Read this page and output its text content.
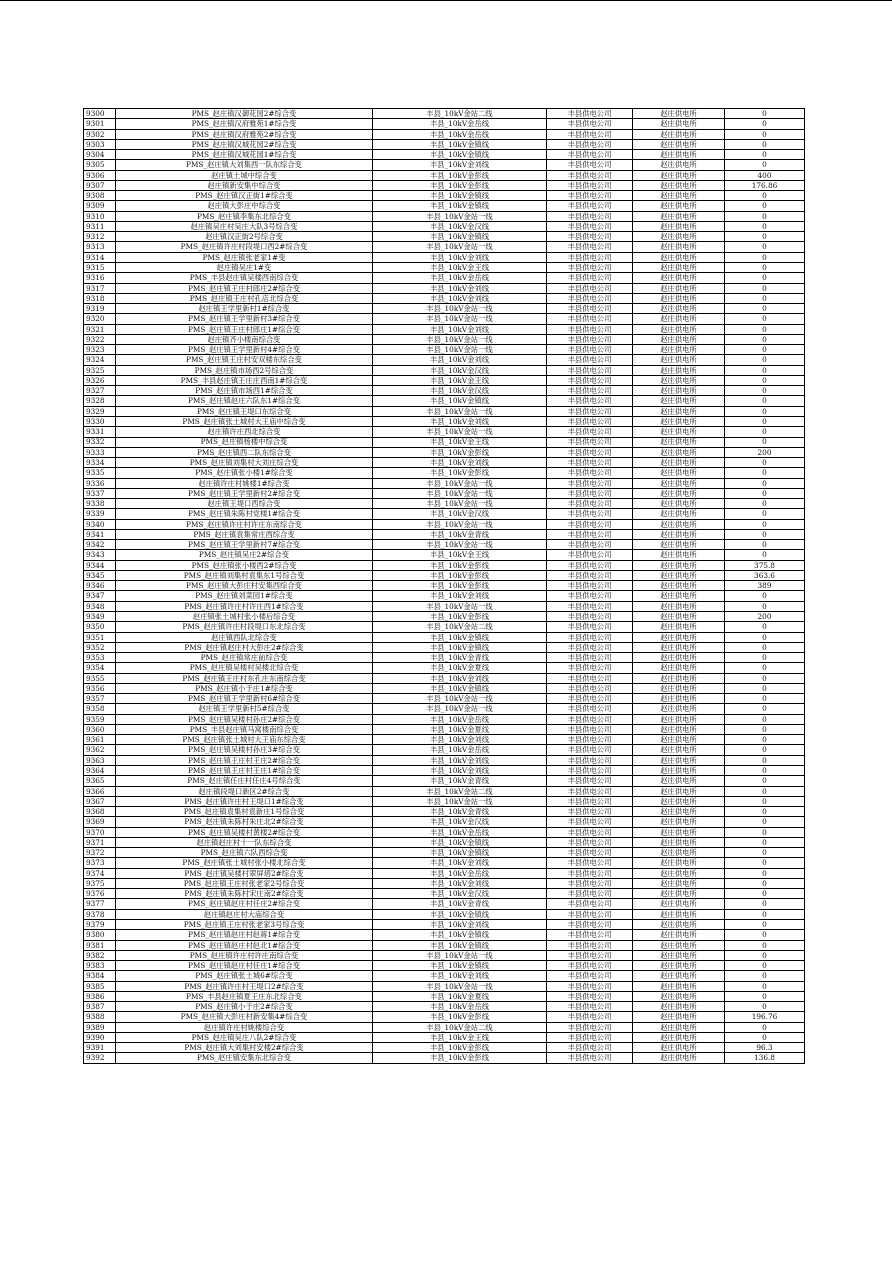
9300	PMS_赵庄镇汉御花园2#综合变	丰县_10kV金站二线	丰县供电公司	赵庄供电所	0
9301	PMS_赵庄镇汉府雅苑1#综合变	丰县_10kV金岳线	丰县供电公司	赵庄供电所	0
9302	PMS_赵庄镇汉府雅苑2#综合变	丰县_10kV金岳线	丰县供电公司	赵庄供电所	0
9303	PMS_赵庄镇汉城花园2#综合变	丰县_10kV金镇线	丰县供电公司	赵庄供电所	0
9304	PMS_赵庄镇汉城花园1#综合变	丰县_10kV金镇线	丰县供电公司	赵庄供电所	0
9305	PMS_赵庄镇大刘集西一队东综合变	丰县_10kV金刘线	丰县供电公司	赵庄供电所	0
9306	赵庄镇土城中综合变	丰县_10kV金彭线	丰县供电公司	赵庄供电所	400
9307	赵庄镇新安集中综合变	丰县_10kV金彭线	丰县供电公司	赵庄供电所	176.86
9308	PMS_赵庄镇汉正街1#综合变	丰县_10kV金镇线	丰县供电公司	赵庄供电所	0
9309	赵庄镇大彭庄中综合变	丰县_10kV金镇线	丰县供电公司	赵庄供电所	0
9310	PMS_赵庄镇李集东北综合变	丰县_10kV金站一线	丰县供电公司	赵庄供电所	0
9311	赵庄镇吴庄村吴庄大队3号综合变	丰县_10kV金汉线	丰县供电公司	赵庄供电所	0
9312	赵庄镇汉正街2号综合变	丰县_10kV金镇线	丰县供电公司	赵庄供电所	0
9313	PMS_赵庄镇许庄村段堤口西2#综合变	丰县_10kV金站一线	丰县供电公司	赵庄供电所	0
9314	PMS_赵庄镇张老家1#变	丰县_10kV金刘线	丰县供电公司	赵庄供电所	0
9315	赵庄镇吴庄1#变	丰县_10kV金王线	丰县供电公司	赵庄供电所	0
9316	PMS_丰县赵庄镇吴楼西南综合变	丰县_10kV金岳线	丰县供电公司	赵庄供电所	0
9317	PMS_赵庄镇王庄村郎庄2#综合变	丰县_10kV金刘线	丰县供电公司	赵庄供电所	0
9318	PMS_赵庄镇王庄村孔店北综合变	丰县_10kV金刘线	丰县供电公司	赵庄供电所	0
9319	赵庄镇王学里新村1#综合变	丰县_10kV金站一线	丰县供电公司	赵庄供电所	0
9320	PMS_赵庄镇王学里新村3#综合变	丰县_10kV金站一线	丰县供电公司	赵庄供电所	0
9321	PMS_赵庄镇王庄村郎庄1#综合变	丰县_10kV金刘线	丰县供电公司	赵庄供电所	0
9322	赵庄镇齐小楼南综合变	丰县_10kV金站一线	丰县供电公司	赵庄供电所	0
9323	PMS_赵庄镇王学里新村4#综合变	丰县_10kV金站一线	丰县供电公司	赵庄供电所	0
9324	PMS_赵庄镇王庄村安双楼东综合变	丰县_10kV金刘线	丰县供电公司	赵庄供电所	0
9325	PMS_赵庄镇市场西2号综合变	丰县_10kV金汉线	丰县供电公司	赵庄供电所	0
9326	PMS_丰县赵庄镇王庄庄西南1#综合变	丰县_10kV金王线	丰县供电公司	赵庄供电所	0
9327	PMS_赵庄镇市场西1#综合变	丰县_10kV金汉线	丰县供电公司	赵庄供电所	0
9328	PMS_赵庄镇赵庄六队东1#综合变	丰县_10kV金镇线	丰县供电公司	赵庄供电所	0
9329	PMS_赵庄镇王堤口东综合变	丰县_10kV金站一线	丰县供电公司	赵庄供电所	0
9330	PMS_赵庄镇张土城村大王庙中综合变	丰县_10kV金刘线	丰县供电公司	赵庄供电所	0
9331	赵庄镇许庄西北综合变	丰县_10kV金站一线	丰县供电公司	赵庄供电所	0
9332	PMS_赵庄镇杨楼中综合变	丰县_10kV金王线	丰县供电公司	赵庄供电所	0
9333	PMS_赵庄镇西二队东综合变	丰县_10kV金彭线	丰县供电公司	赵庄供电所	200
9334	PMS_赵庄镇刘集村大刘庄综合变	丰县_10kV金刘线	丰县供电公司	赵庄供电所	0
9335	PMS_赵庄镇张小楼1#综合变	丰县_10kV金彭线	丰县供电公司	赵庄供电所	0
9336	赵庄镇许庄村姚楼1#综合变	丰县_10kV金站一线	丰县供电公司	赵庄供电所	0
9337	PMS_赵庄镇王学里新村2#综合变	丰县_10kV金站一线	丰县供电公司	赵庄供电所	0
9338	赵庄镇王堤口西综合变	丰县_10kV金站一线	丰县供电公司	赵庄供电所	0
9339	PMS_赵庄镇朱陈村党楼1#综合变	丰县_10kV金汉线	丰县供电公司	赵庄供电所	0
9340	PMS_赵庄镇许庄村许庄东南综合变	丰县_10kV金站一线	丰县供电公司	赵庄供电所	0
9341	PMS_赵庄镇袁集常庄西综合变	丰县_10kV金青线	丰县供电公司	赵庄供电所	0
9342	PMS_赵庄镇王学里新村7#综合变	丰县_10kV金站一线	丰县供电公司	赵庄供电所	0
9343	PMS_赵庄镇吴庄2#综合变	丰县_10kV金王线	丰县供电公司	赵庄供电所	0
9344	PMS_赵庄镇张小楼西2#综合变	丰县_10kV金彭线	丰县供电公司	赵庄供电所	375.8
9345	PMS_赵庄镇刘集村袁集东1号综合变	丰县_10kV金彭线	丰县供电公司	赵庄供电所	363.6
9346	PMS_赵庄镇大彭庄村安集西综合变	丰县_10kV金彭线	丰县供电公司	赵庄供电所	389
9347	PMS_赵庄镇刘菜园1#综合变	丰县_10kV金刘线	丰县供电公司	赵庄供电所	0
9348	PMS_赵庄镇许庄村许庄西1#综合变	丰县_10kV金站一线	丰县供电公司	赵庄供电所	0
9349	赵庄镇张土城村张小楼后综合变	丰县_10kV金彭线	丰县供电公司	赵庄供电所	200
9350	PMS_赵庄镇许庄村段堤口东北综合变	丰县_10kV金站二线	丰县供电公司	赵庄供电所	0
9351	赵庄镇西队北综合变	丰县_10kV金镇线	丰县供电公司	赵庄供电所	0
9352	PMS_赵庄镇赵庄村大彭庄2#综合变	丰县_10kV金镇线	丰县供电公司	赵庄供电所	0
9353	PMS_赵庄镇常庄前综合变	丰县_10kV金青线	丰县供电公司	赵庄供电所	0
9354	PMS_赵庄镇吴楼村吴楼北综合变	丰县_10kV金夏线	丰县供电公司	赵庄供电所	0
9355	PMS_赵庄镇王庄村东孔庄东南综合变	丰县_10kV金刘线	丰县供电公司	赵庄供电所	0
9356	PMS_赵庄镇小于庄1#综合变	丰县_10kV金镇线	丰县供电公司	赵庄供电所	0
9357	PMS_赵庄镇王学里新村6#综合变	丰县_10kV金站一线	丰县供电公司	赵庄供电所	0
9358	赵庄镇王学里新村5#综合变	丰县_10kV金站一线	丰县供电公司	赵庄供电所	0
9359	PMS_赵庄镇吴楼村孙庄2#综合变	丰县_10kV金岳线	丰县供电公司	赵庄供电所	0
9360	PMS_丰县赵庄镇马窝楼南综合变	丰县_10kV金夏线	丰县供电公司	赵庄供电所	0
9361	PMS_赵庄镇张土城村大王庙东综合变	丰县_10kV金刘线	丰县供电公司	赵庄供电所	0
9362	PMS_赵庄镇吴楼村孙庄3#综合变	丰县_10kV金岳线	丰县供电公司	赵庄供电所	0
9363	PMS_赵庄镇王庄村王庄2#综合变	丰县_10kV金刘线	丰县供电公司	赵庄供电所	0
9364	PMS_赵庄镇王庄村王庄1#综合变	丰县_10kV金刘线	丰县供电公司	赵庄供电所	0
9365	PMS_赵庄镇任庄村任庄4号综合变	丰县_10kV金青线	丰县供电公司	赵庄供电所	0
9366	赵庄镇段堤口新区2#综合变	丰县_10kV金站二线	丰县供电公司	赵庄供电所	0
9367	PMS_赵庄镇许庄村王堤口1#综合变	丰县_10kV金站一线	丰县供电公司	赵庄供电所	0
9368	PMS_赵庄镇袁集村袁新庄1号综合变	丰县_10kV金青线	丰县供电公司	赵庄供电所	0
9369	PMS_赵庄镇朱陈村朱庄北2#综合变	丰县_10kV金汉线	丰县供电公司	赵庄供电所	0
9370	PMS_赵庄镇吴楼村黄楼2#综合变	丰县_10kV金岳线	丰县供电公司	赵庄供电所	0
9371	赵庄镇赵庄村十一队东综合变	丰县_10kV金镇线	丰县供电公司	赵庄供电所	0
9372	PMS_赵庄镇六队西综合变	丰县_10kV金镇线	丰县供电公司	赵庄供电所	0
9373	PMS_赵庄镇张土城村张小楼北综合变	丰县_10kV金刘线	丰县供电公司	赵庄供电所	0
9374	PMS_赵庄镇吴楼村翠屏塔2#综合变	丰县_10kV金岳线	丰县供电公司	赵庄供电所	0
9375	PMS_赵庄镇王庄村张老家2号综合变	丰县_10kV金刘线	丰县供电公司	赵庄供电所	0
9376	PMS_赵庄镇朱陈村宋庄南2#综合变	丰县_10kV金汉线	丰县供电公司	赵庄供电所	0
9377	PMS_赵庄镇赵庄村任庄2#综合变	丰县_10kV金青线	丰县供电公司	赵庄供电所	0
9378	赵庄镇赵庄村大庙综合变	丰县_10kV金镇线	丰县供电公司	赵庄供电所	0
9379	PMS_赵庄镇王庄村张老家3号综合变	丰县_10kV金刘线	丰县供电公司	赵庄供电所	0
9380	PMS_赵庄镇赵庄村赵蒋1#综合变	丰县_10kV金镇线	丰县供电公司	赵庄供电所	0
9381	PMS_赵庄镇赵庄村赵北1#综合变	丰县_10kV金镇线	丰县供电公司	赵庄供电所	0
9382	PMS_赵庄镇许庄村许庄南综合变	丰县_10kV金站一线	丰县供电公司	赵庄供电所	0
9383	PMS_赵庄镇赵庄村任庄1#综合变	丰县_10kV金镇线	丰县供电公司	赵庄供电所	0
9384	PMS_赵庄镇张土城6#综合变	丰县_10kV金刘线	丰县供电公司	赵庄供电所	0
9385	PMS_赵庄镇许庄村王堤口2#综合变	丰县_10kV金站一线	丰县供电公司	赵庄供电所	0
9386	PMS_丰县赵庄镇夏王庄东北综合变	丰县_10kV金夏线	丰县供电公司	赵庄供电所	0
9387	PMS_赵庄镇小于庄2#综合变	丰县_10kV金岳线	丰县供电公司	赵庄供电所	0
9388	PMS_赵庄镇大彭庄村新安集4#综合变	丰县_10kV金彭线	丰县供电公司	赵庄供电所	196.76
9389	赵庄镇许庄村姚楼综合变	丰县_10kV金站二线	丰县供电公司	赵庄供电所	0
9390	PMS_赵庄镇吴庄八队2#综合变	丰县_10kV金王线	丰县供电公司	赵庄供电所	0
9391	PMS_赵庄镇大刘集村安楼2#综合变	丰县_10kV金彭线	丰县供电公司	赵庄供电所	96.3
9392	PMS_赵庄镇安集东北综合变	丰县_10kV金彭线	丰县供电公司	赵庄供电所	136.8
